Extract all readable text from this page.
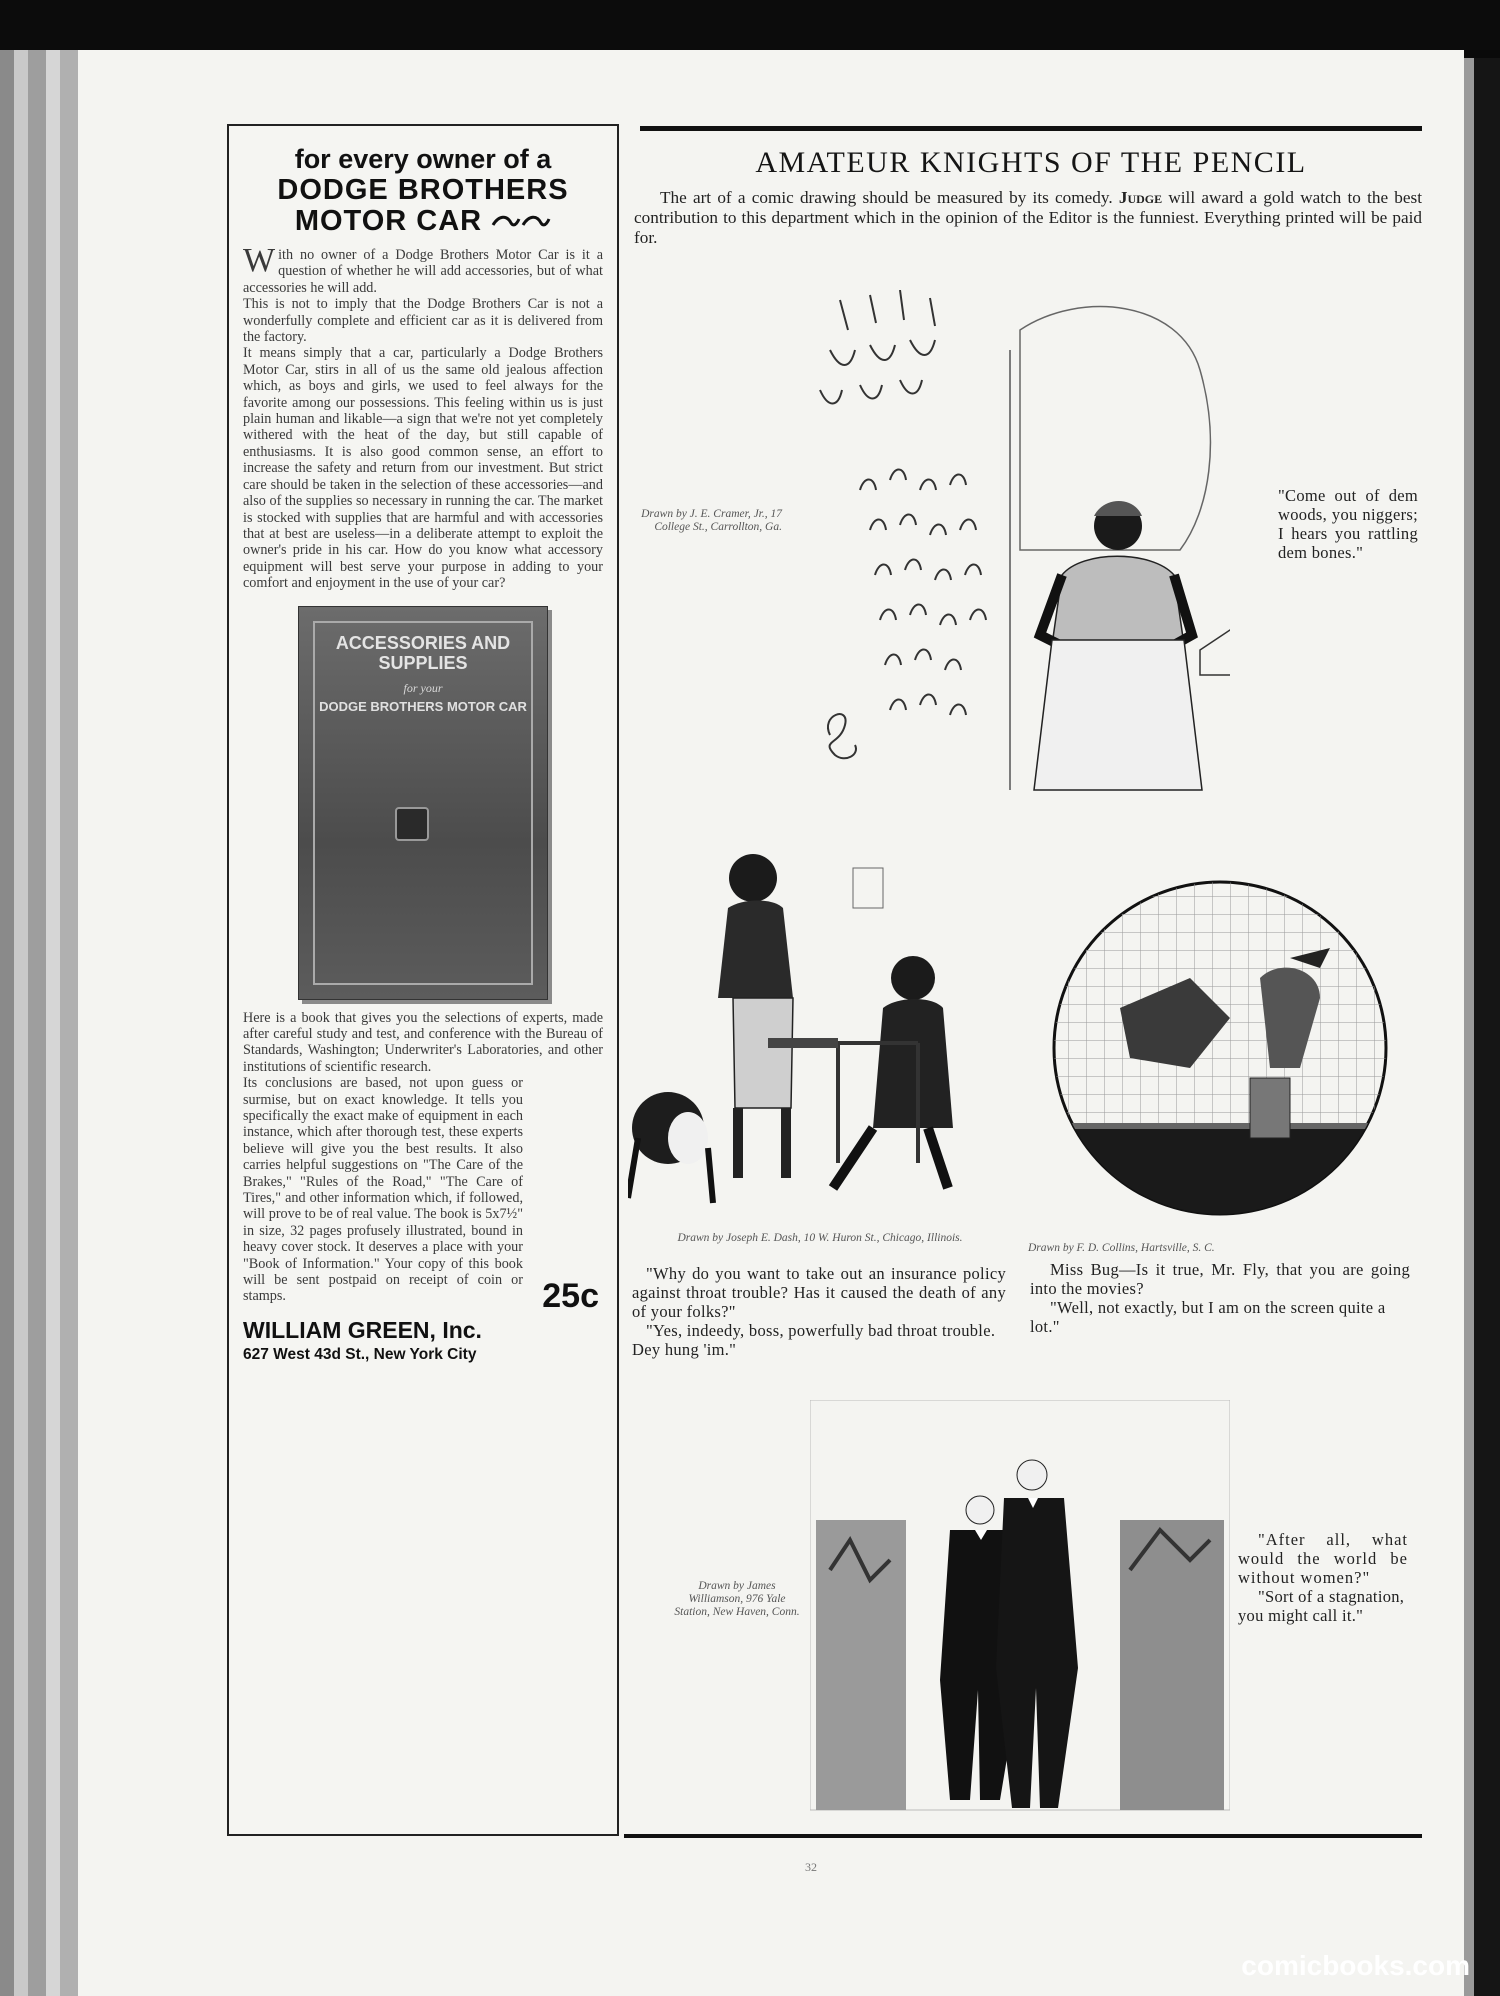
for every owner of a
DODGE BROTHERS
MOTOR CAR

With no owner of a Dodge Brothers Motor Car is it a question of whether he will add accessories, but of what accessories he will add.

This is not to imply that the Dodge Brothers Car is not a wonderfully complete and efficient car as it is delivered from the factory.

It means simply that a car, particularly a Dodge Brothers Motor Car, stirs in all of us the same old jealous affection which, as boys and girls, we used to feel always for the favorite among our possessions. This feeling within us is just plain human and likable—a sign that we're not yet completely withered with the heat of the day, but still capable of enthusiasms. It is also good common sense, an effort to increase the safety and return from our investment. But strict care should be taken in the selection of these accessories—and also of the supplies so necessary in running the car. The market is stocked with supplies that are harmful and with accessories that at best are useless—in a deliberate attempt to exploit the owner's pride in his car. How do you know what accessory equipment will best serve your purpose in adding to your comfort and enjoyment in the use of your car?

ACCESSORIES AND SUPPLIES
for your
DODGE BROTHERS MOTOR CAR

Here is a book that gives you the selections of experts, made after careful study and test, and conference with the Bureau of Standards, Washington; Underwriter's Laboratories, and other institutions of scientific research.

Its conclusions are based, not upon guess or surmise, but on exact knowledge. It tells you specifically the exact make of equipment in each instance, which after thorough test, these experts believe will give you the best results. It also carries helpful suggestions on "The Care of the Brakes," "Rules of the Road," "The Care of Tires," and other information which, if followed, will prove to be of real value. The book is 5x7½" in size, 32 pages profusely illustrated, bound in heavy cover stock. It deserves a place with your "Book of Information." Your copy of this book will be sent postpaid on receipt of coin or stamps.	25c
WILLIAM GREEN, Inc.
627 West 43d St., New York City
AMATEUR KNIGHTS OF THE PENCIL
The art of a comic drawing should be measured by its comedy. Judge will award a gold watch to the best contribution to this department which in the opinion of the Editor is the funniest. Everything printed will be paid for.
Drawn by J. E. Cramer, Jr., 17 College St., Carrollton, Ga.
"Come out of dem woods, you niggers; I hears you rattling dem bones."
Drawn by Joseph E. Dash, 10 W. Huron St., Chicago, Illinois.
"Why do you want to take out an insurance policy against throat trouble? Has it caused the death of any of your folks?"
"Yes, indeedy, boss, powerfully bad throat trouble. Dey hung 'im."
Drawn by F. D. Collins, Hartsville, S. C.
Miss Bug—Is it true, Mr. Fly, that you are going into the movies?
"Well, not exactly, but I am on the screen quite a lot."
Drawn by James Williamson, 976 Yale Station, New Haven, Conn.
"After all, what would the world be without women?"
"Sort of a stagnation, you might call it."
32
comicbooks.com
